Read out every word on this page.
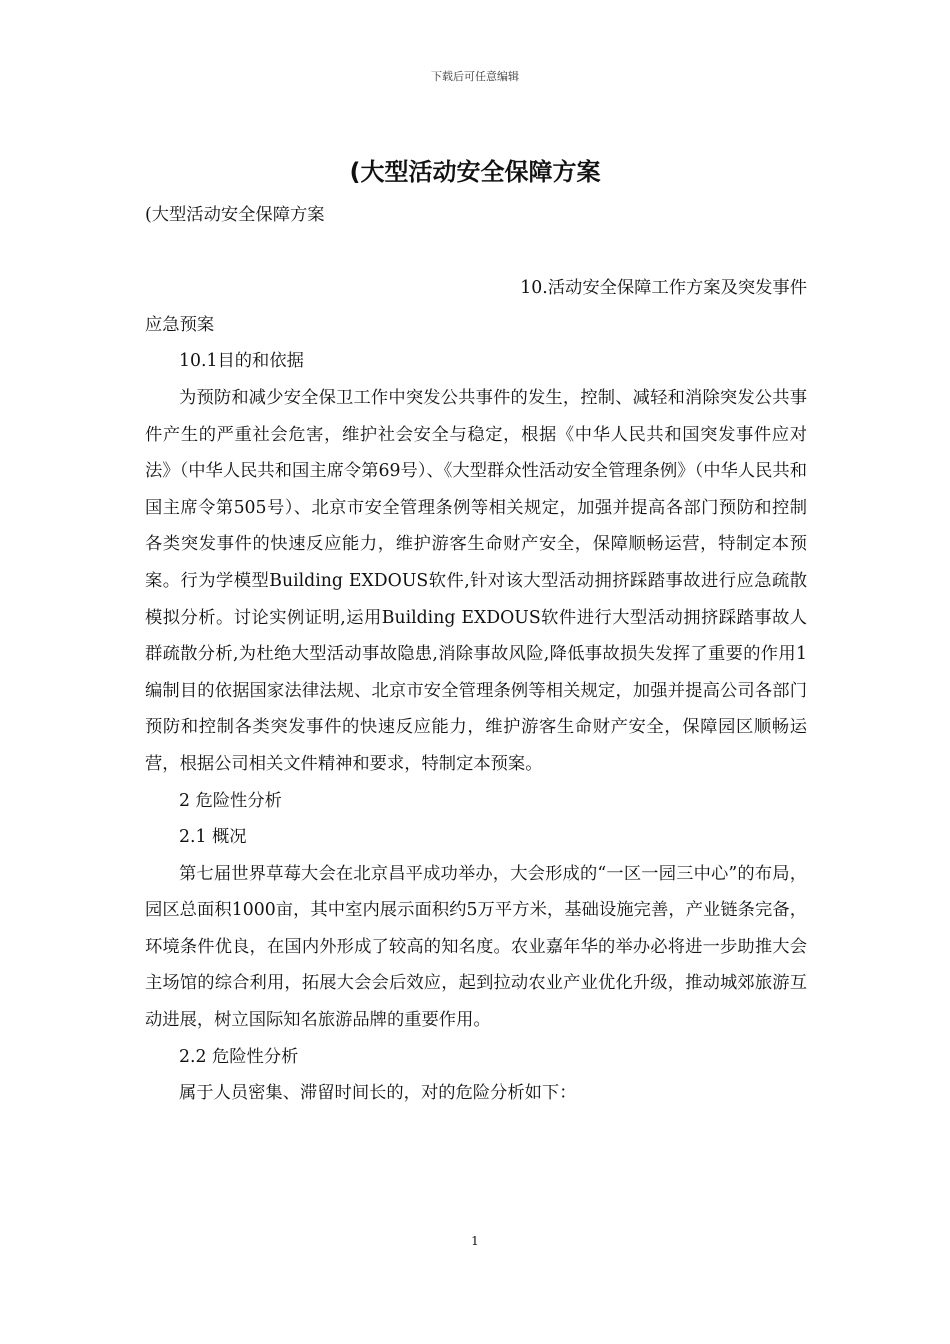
下载后可任意编辑
(大型活动安全保障方案

(大型活动安全保障方案

10.活动安全保障工作方案及突发事件

应急预案

10.1目的和依据

为预防和减少安全保卫工作中突发公共事件的发生，控制、减轻和消除突发公共事件产生的严重社会危害，维护社会安全与稳定，根据《中华人民共和国突发事件应对法》（中华人民共和国主席令第69号）、《大型群众性活动安全管理条例》（中华人民共和国主席令第505号）、北京市安全管理条例等相关规定，加强并提高各部门预防和控制各类突发事件的快速反应能力，维护游客生命财产安全，保障顺畅运营，特制定本预案。行为学模型Building EXDOUS软件,针对该大型活动拥挤踩踏事故进行应急疏散模拟分析。讨论实例证明,运用Building EXDOUS软件进行大型活动拥挤踩踏事故人群疏散分析,为杜绝大型活动事故隐患,消除事故风险,降低事故损失发挥了重要的作用1 编制目的依据国家法律法规、北京市安全管理条例等相关规定，加强并提高公司各部门预防和控制各类突发事件的快速反应能力，维护游客生命财产安全，保障园区顺畅运营，根据公司相关文件精神和要求，特制定本预案。

2 危险性分析

2.1 概况

第七届世界草莓大会在北京昌平成功举办，大会形成的“一区一园三中心”的布局，园区总面积1000亩，其中室内展示面积约5万平方米，基础设施完善，产业链条完备，环境条件优良，在国内外形成了较高的知名度。农业嘉年华的举办必将进一步助推大会主场馆的综合利用，拓展大会会后效应，起到拉动农业产业优化升级，推动城郊旅游互动进展，树立国际知名旅游品牌的重要作用。

2.2 危险性分析

属于人员密集、滞留时间长的，对的危险分析如下：

1
